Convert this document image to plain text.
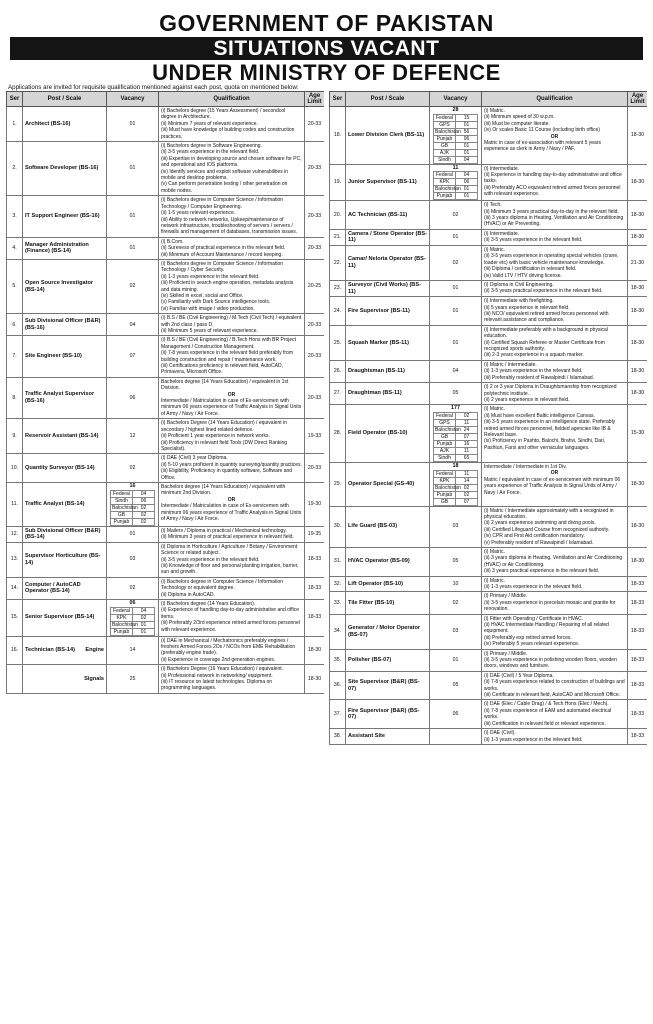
GOVERNMENT OF PAKISTAN
SITUATIONS VACANT
UNDER MINISTRY OF DEFENCE
Applications are invited for requisite qualification mentioned against each post, quota on mentioned below:
Ser	Post / Scale	Vacancy	Qualification	Age Limit
1.	Architect (BS-16)	01	
(i) Bachelors degree (15 Years Assessment) / secondcol degree in Architecture.
(ii) Minimum 7 years of relevant experience.
(iii) Must have knowledge of building codes and construction practices.
	20-33
2.	Software Developer (BS-16)	01	
(i) Bachelors degree in Software Engineering.
(ii) 3-5 years experience in the relevant field.
(iii) Expertise in developing source and chosen software for PC, and operational and IOS platforms.
(iv) Identify services and exploit software vulnerabilities in mobile and desktop problems.
(v) Can perform penetration testing / other penetration on mobile nodes.
	20-33
3.	IT Support Engineer (BS-16)	01	
(i) Bachelors degree in Computer Science / Information Technology / Computer Engineering.
(ii) 1-5 years relevant experience.
(iii) Ability to network networks, Upkeep/maintenance of network infrastructure, troubleshooting of servers / servers / firewalls and management of databases, transmission issues.
	20-33
4.	Manager Administration (Finance) (BS-14)	01	
(i) B.Com.
(ii) Sureness of practical experience in the relevant field.
(iii) Minimum of Account Maintenance / record keeping.
	20-33
5.	Open Source Investigator (BS-14)	02	
(i) Bachelors degree in Computer Science / Information Technology / Cyber Security.
(ii) 1-3 years experience in the relevant field.
(iii) Proficient in search engine operation, metadata analysis and data mining.
(iv) Skilled in excel, social and Office.
(v) Familiarity with Dark Source intelligence tools.
(vi) Familiar with image / video production.
	20-25
6.	Sub Divisional Officer (B&R) (BS-16)	04	
(i) B.S / BE (Civil Engineering) / M.Tech (Civil Tech) / equivalent with 2nd class / pass D.
(ii) Minimum 5 years of relevant experience.
	20-33
7.	Site Engineer (BS-10)	07	
(i) B.S / BE (Civil Engineering) / B.Tech Hons with BR Project Management / Construction Management.
(ii) 7-8 years experience in the relevant field preferably from building construction and repair / maintenance work.
(iii) Certifications proficiency in relevant field, AutoCAD, Primavera, Microsoft Office.
	20-33
8.	Traffic Analyst Supervisor (BS-16)	06	
Bachelors degree (14 Years Education) / equivalent in 1st Division.
OR
Intermediate / Matriculation in case of Ex-servicemen with minimum 06 years experience of Traffic Analysis in Signal Units of Army / Navy / Air Force.
	20-33
9.	Reservoir Assistant (BS-14)	12	
(i) Bachelors Degree (14 Years Education) / equivalent in secondary / highest lined related defence.
(ii) Proficient 1 year experience in network works.
(iii) Proficiency in relevant field Tools (DW Direct Ranking Specialist).
	19-33
10.	Quantity Surveyor (BS-14)	02	
(i) DAE (Civil) 3 year Diploma.
(ii) 5-10 years proficient in quantity surveying/quantity practices.
(iii) Eligibility, Proficiency in quantity software, Software and Office.
	20-33
11.	Traffic Analyst (BS-14)	
16
Federal	04
Sindh	06
Balochistan	02
GB	02
Punjab	02

Bachelors degree (14 Years Education) / equivalent with minimum 2nd Division.
OR
Intermediate / Matriculation in case of Ex-servicemen with minimum 06 years experience of Traffic Analysis in Signal Units of Army / Navy / Air Force.
	19-30
12.	Sub Divisional Officer (B&R) (BS-14)	01	
(i) Mailers / Diploma in practical / Mechanical technology.
(ii) Minimum 3 years of practical experience in relevant field.
	19-35
13.	Supervisor Horticulture (BS-14)	03	
(i) Diploma in Horticulture / Agriculture / Botany / Environment Science or related subject.
(ii) 3-5 years experience in the relevant field.
(iii) Knowledge of floor and personal planting irrigation, barrier, sun and growth.
	18-33
14.	Computer / AutoCAD Operator (BS-14)	02	
(i) Bachelors degree in Computer Science / Information Technology or equivalent degree.
(ii) Diploma in AutoCAD.
	18-33
15.	Senior Supervisor (BS-14)	
06
Federal	04
KPK	02
Balochistan	01
Punjab	01

(i) Bachelors degree (14 Years Education).
(ii) Experience of handling day-to-day administrative and office items.
(iii) Preferably 2/3rd experience retired armed forces personnel with relevant experience.
	18-33
16.	Technician (BS-14) Engine	14	
(i) DAE in Mechanical / Mechatronics preferably engines / freshers Armed Forces 2Os / NCOs from EME Rehabilitation (preferably engine trade).
(ii) Experience in coverage 2nd generation engines.
	18-30

Signals	25	
(i) Bachelors Degree (16 Years Education) / equivalent.
(ii) Professional network in networking/ equipment.
(iii) IT resource on latest technologies. Diploma on programming languages.
	18-30
Ser	Post / Scale	Vacancy	Qualification	Age Limit
18.	Lower Division Clerk (BS-11)	
28
Federal	15
GPS	01
Balochistan	56
Punjab	06
GB	01
AJK	01
Sindh	04

(i) Matric.
(ii) Minimum speed of 30 w.p.m.
(iii) Must be computer literate.
(iv) Or scales Basic 11 Course (including birth office)
OR
Matric in case of ex-association with relevant 5 years experience as clerk in Army / Navy / PAF.
	18-30
19.	Junior Supervisor (BS-11)	
11
Federal	04
KPK	06
Balochistan	01
Punjab	01

(i) Intermediate.
(ii) Experience in handling day-to-day administrative and office tasks.
(iii) Preferably ACO equivalent retired armed forces personnel with relevant experience.
	18-30
20.	AC Technician (BS-11)	02	
(i) Tech.
(ii) Minimum 3 years practical day-to-day in the relevant field.
(iii) 3 years diploma in Heating, Ventilation and Air Conditioning (HVAC) or Air Preventing.
	18-30
21.	Camera / Stone Operator (BS-11)	01	
(i) Intermediate.
(ii) 3-5 years experience in the relevant field.
	18-30
22.	Camar/ Neloria Operator (BS-11)	02	
(i) Matric.
(ii) 3-5 years experience in operating special vehicles (crane, loader etc) with basic vehicle maintenance knowledge.
(iii) Diploma / certification in relevant field.
(iv) Valid LTV / HTV driving license.
	21-30
23.	Surveyor (Civil Works) (BS-11)	01	
(i) Diploma in Civil Engineering.
(ii) 3-5 years practical experience in the relevant field.
	18-30
24.	Fire Supervisor (BS-11)	01	
(i) Intermediate with firefighting.
(ii) 5 years experience in relevant field.
(iii) NCO/ equivalent retired armed forces personnel with relevant assistance and compliance.
	18-30
25.	Squash Marker (BS-11)	01	
(i) Intermediate preferably with a background in physical education.
(ii) Certified Squash Referee or Master Certificate from recognized sports authority.
(iii) 2-3 years experience in a squash marker.
	18-30
26.	Draughtsman (BS-11)	04	
(i) Matric / Intermediate.
(ii) 1-3 years experience in the relevant field.
(iii) Preferably resident of Rawalpindi / Islamabad.
	18-30
27.	Draughtman (BS-11)	05	
(i) 2 or 3 year Diploma in Draughtsmanship from recognized polytechnic institute.
(ii) 2 years experience in relevant field.
	18-30
28.	Field Operator (BS-10)	
177
Federal	02
GPS	11
Balochistan	24
GB	07
Punjab	16
AJK	11
Sindh	65

(i) Matric.
(ii) Must have excellent Baltic intelligence Canvas.
(iii) 3-5 years experience in an intelligence state. Preferably retired armed forces personnel, fielded agencies like IB & Relevant base.
(iv) Proficiency in Pashto, Balochi, Brahvi, Sindhi, Dari, Pashtun, Farsi and other vernacular languages.
	15-30
29.	Operator Special (GS-40)	
18
Federal	11
KPK	14
Balochistan	02
Punjab	02
GB	07

Intermediate / Intermediate in 1st Div.
OR
Matric / equivalent in case of ex-servicemen with minimum 06 years experience of Traffic Analysis in Signal Units of Army / Navy / Air Force.
	18-30
30.	Life Guard (BS-03)	03	
(i) Matric / Intermediate approximately with a recognized in physical education.
(ii) 2 years experience swimming and diving pools.
(iii) Certified Lifeguard Course from recognized authority.
(iv) CPR and First Aid certification mandatory.
(v) Preferably resident of Rawalpindi / Islamabad.
	18-30
31.	HVAC Operator (BS-09)	05	
(i) Matric.
(ii) 3 years diploma in Heating, Ventilation and Air Conditioning (HVAC) or Air Conditioning.
(iii) 3 years practical experience in the relevant field.
	18-30
32.	Lift Operator (BS-10)	10	
(i) Matric.
(ii) 1-3 years experience in the relevant field.
	18-33
33.	Tile Fitter (BS-10)	02	
(i) Primary / Middle.
(ii) 3-5 years experience in porcelain mosaic and granite for renovation.
	18-33
34.	Generator / Motor Operator (BS-07)	03	
(i) Fitter with Operating / Certificate in HVAC.
(ii) HVAC Intermediate Handling / Repairing of all related equipment.
(iii) Preferably exp retired armed forces.
(iv) Preferably 5 years relevant experience.
	18-33
35.	Polisher (BS-07)	01	
(i) Primary / Middle.
(ii) 3-5 years experience in polishing wooden floors, wooden doors, windows and furniture.
	18-33
36.	Site Supervisor (B&R) (BS-07)	05	
(i) DAE (Civil) / 5 Year Diploma.
(ii) 7-8 years experience related to construction of buildings and works.
(iii) Certificate in relevant field, AutoCAD and Microsoft Office.
	18-33
37.	Fire Supervisor (B&R) (BS-07)	06	
(i) DAE (Elec / Cable Drag) / & Tech Hons (Elec / Mech).
(ii) 7-8 years experience of EAM and automated electrical works.
(iii) Certification in relevant field or relevant experience.
	18-33
38.	Assistant Site		
(i) DAE (Civil).
(ii) 1-3 years experience in the relevant field.
	18-33
